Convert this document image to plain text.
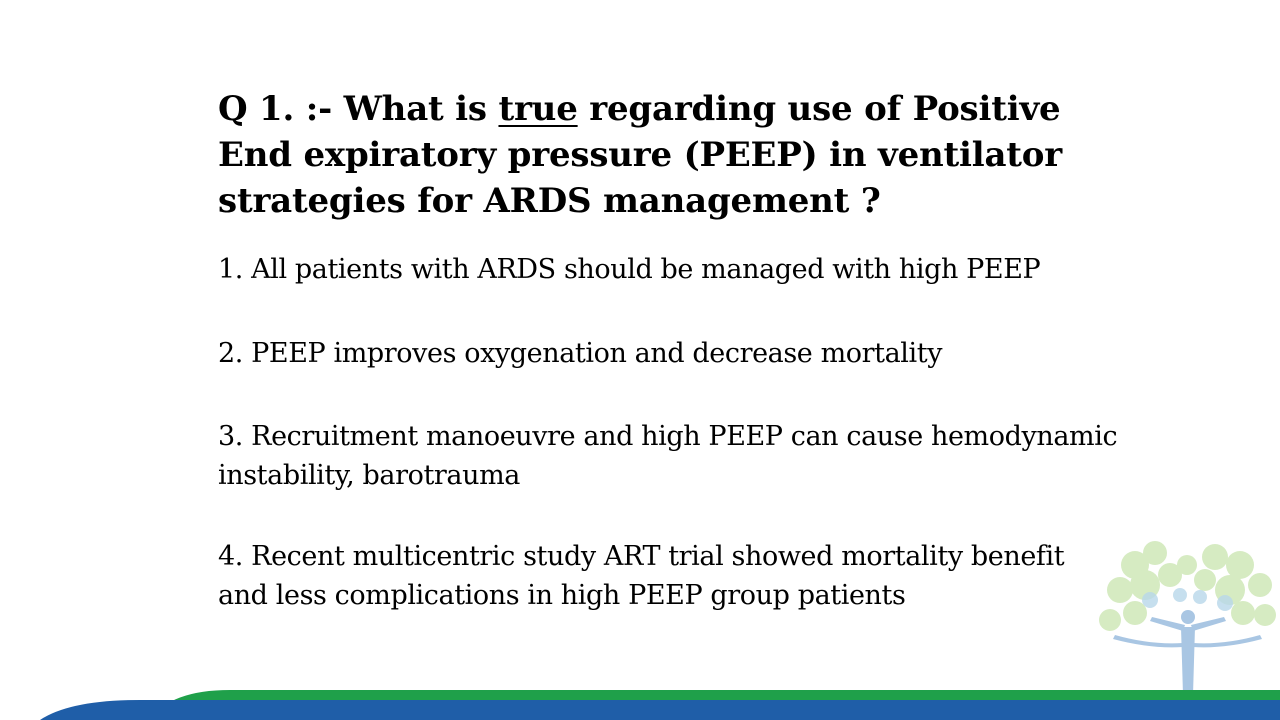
Q 1. :- What is true regarding use of Positive End expiratory pressure (PEEP) in ventilator strategies for ARDS management ?

1. All patients with ARDS should be managed with high PEEP

2. PEEP improves oxygenation and decrease mortality

3. Recruitment manoeuvre and high PEEP can cause hemodynamic instability, barotrauma

4. Recent multicentric study ART trial showed mortality benefit and less complications in high PEEP group patients
